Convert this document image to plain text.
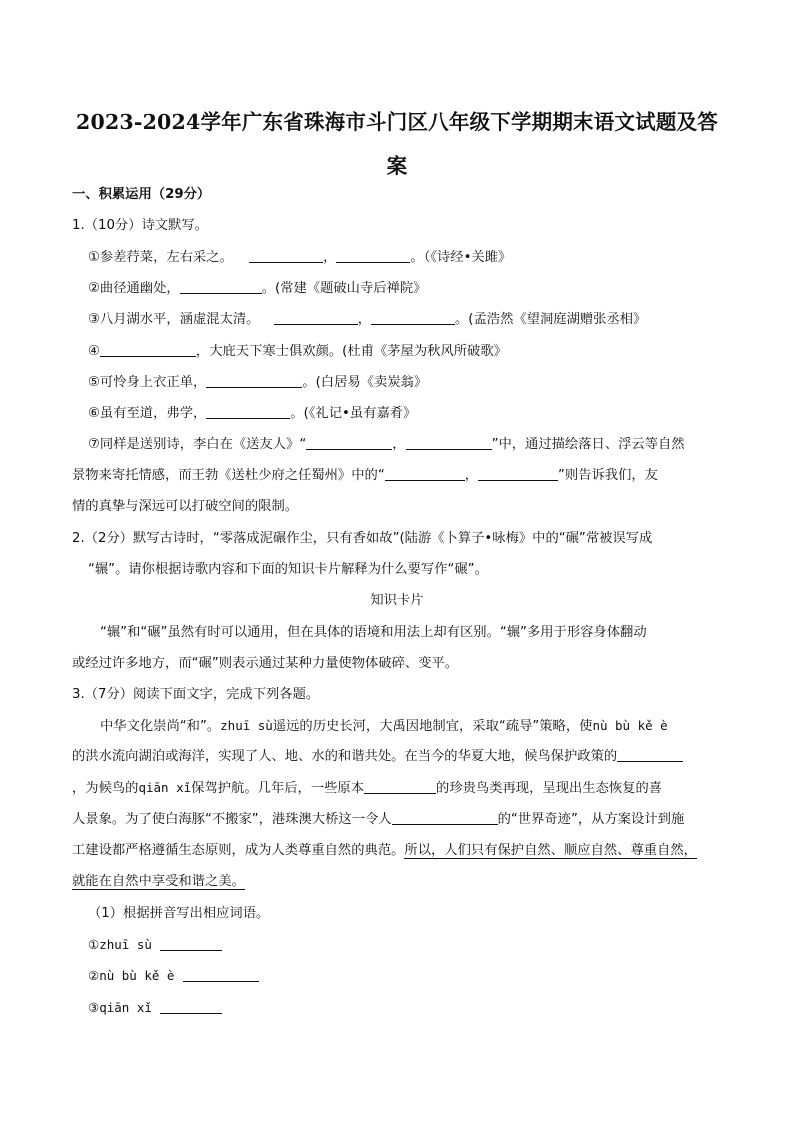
2023-2024学年广东省珠海市斗门区八年级下学期期末语文试题及答
案
一、积累运用（29分）
1.（10分）诗文默写。
①参差荇菜，左右采之。	，	。（《诗经•关雎》
②曲径通幽处，	。(常建《题破山寺后禅院》
③八月湖水平，涵虚混太清。	，	。(孟浩然《望洞庭湖赠张丞相》
④	，大庇天下寒士俱欢颜。(杜甫《茅屋为秋风所破歌》
⑤可怜身上衣正单，	。(白居易《卖炭翁》
⑥虽有至道，弗学，	。(《礼记•虽有嘉肴》
⑦同样是送别诗，李白在《送友人》“	，	”中，通过描绘落日、浮云等自然
景物来寄托情感，而王勃《送杜少府之任蜀州》中的“	，	”则告诉我们，友
情的真挚与深远可以打破空间的限制。
2.（2分）默写古诗时，“零落成泥碾作尘，只有香如故”(陆游《卜算子•咏梅》中的“碾”常被误写成
“辗”。请你根据诗歌内容和下面的知识卡片解释为什么要写作“碾”。
知识卡片
“辗”和“碾”虽然有时可以通用，但在具体的语境和用法上却有区别。“辗”多用于形容身体翻动
或经过许多地方，而“碾”则表示通过某种力量使物体破碎、变平。
3.（7分）阅读下面文字，完成下列各题。
中华文化崇尚“和”。zhuī sù遥远的历史长河，大禹因地制宜，采取“疏导”策略，使nù bù kě è
的洪水流向湖泊或海洋，实现了人、地、水的和谐共处。在当今的华夏大地，候鸟保护政策的
，为候鸟的qiān xǐ保驾护航。几年后，一些原本	的珍贵鸟类再现，呈现出生态恢复的喜
人景象。为了使白海豚“不搬家”，港珠澳大桥这一令人	的“世界奇迹”，从方案设计到施
工建设都严格遵循生态原则，成为人类尊重自然的典范。所以，人们只有保护自然、顺应自然、尊重自然，
就能在自然中享受和谐之美。
（1）根据拼音写出相应词语。
①zhuī sù
②nù bù kě è
③qiān xǐ
